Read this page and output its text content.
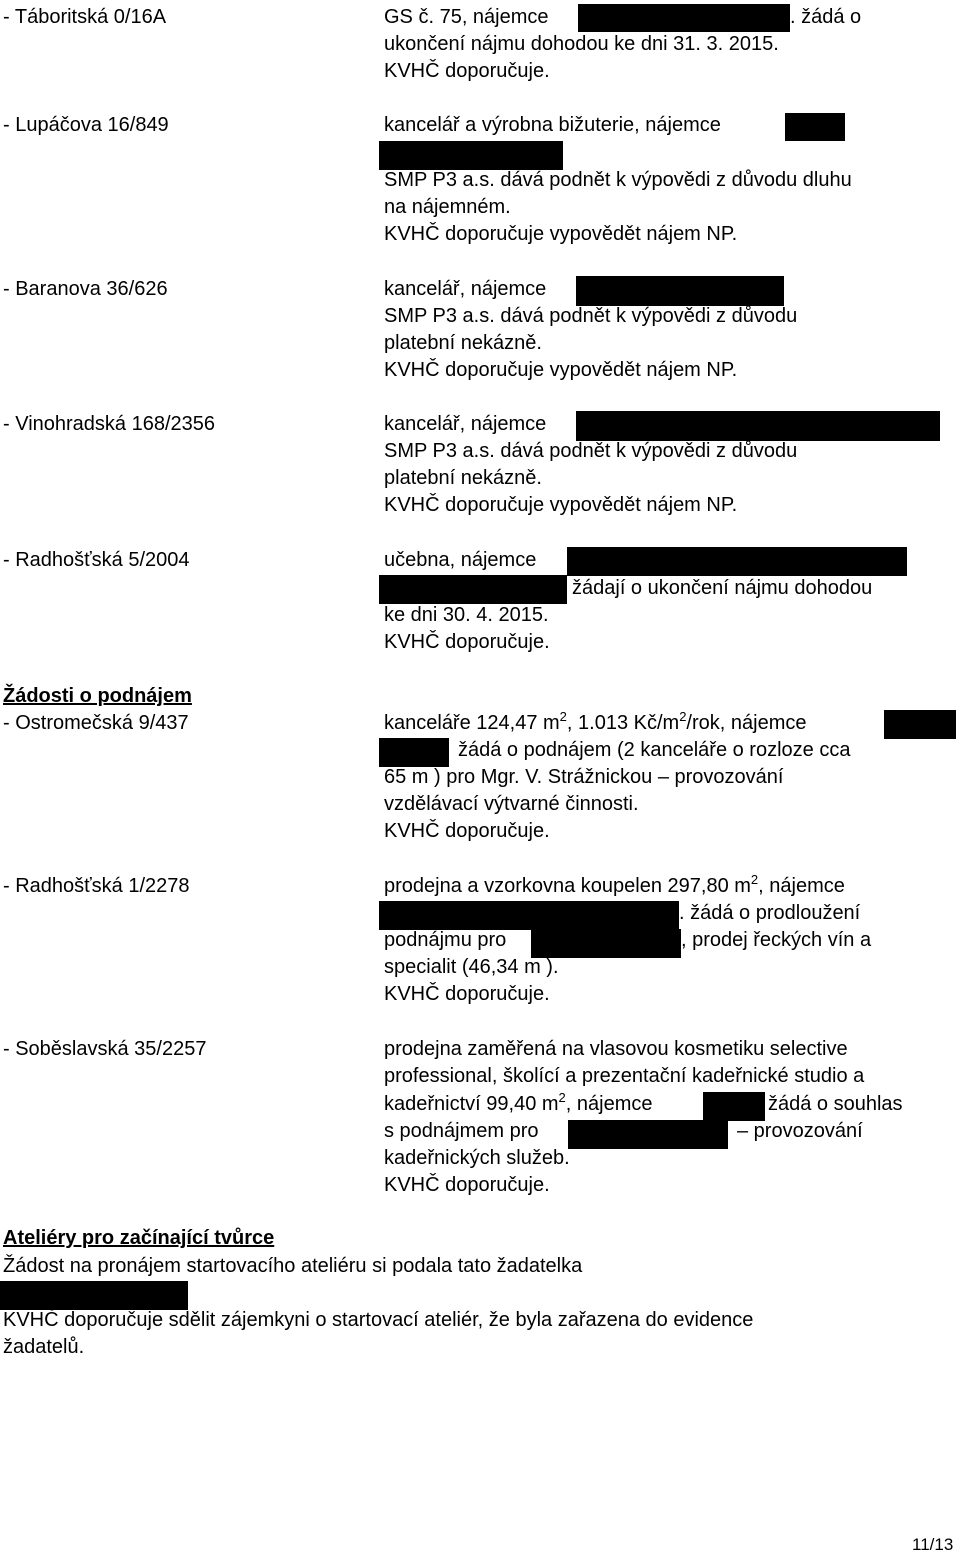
- Táboritská 0/16A	GS č. 75, nájemce	. žádá o
ukončení nájmu dohodou ke dni 31. 3. 2015.
KVHČ doporučuje.
- Lupáčova 16/849	kancelář a výrobna bižuterie, nájemce
SMP P3 a.s. dává podnět k výpovědi z důvodu dluhu
na nájemném.
KVHČ doporučuje vypovědět nájem NP.
- Baranova 36/626	kancelář, nájemce
SMP P3 a.s. dává podnět k výpovědi z důvodu
platební nekázně.
KVHČ doporučuje vypovědět nájem NP.
- Vinohradská 168/2356	kancelář, nájemce
SMP P3 a.s. dává podnět k výpovědi z důvodu
platební nekázně.
KVHČ doporučuje vypovědět nájem NP.
- Radhošťská 5/2004	učebna, nájemce
žádají o ukončení nájmu dohodou
ke dni 30. 4. 2015.
KVHČ doporučuje.
Žádosti o podnájem
- Ostromečská 9/437	kanceláře 124,47 $m^2$, 1.013 $Kč/m^2$/rok, nájemce
žádá o podnájem (2 kanceláře o rozloze cca
65 m ) pro Mgr. V. Strážnickou – provozování
vzdělávací výtvarné činnosti.
KVHČ doporučuje.
- Radhošťská 1/2278	prodejna a vzorkovna koupelen 297,80 $m^2$, nájemce
. žádá o prodloužení
podnájmu pro	, prodej řeckých vín a
specialit (46,34 m ).
KVHČ doporučuje.
- Soběslavská 35/2257	prodejna zaměřená na vlasovou kosmetiku selective
professional, školící a prezentační kadeřnické studio a
kadeřnictví 99,40 $m^2$, nájemce	žádá o souhlas
s podnájmem pro	– provozování
kadeřnických služeb.
KVHČ doporučuje.
Ateliéry pro začínající tvůrce
Žádost na pronájem startovacího ateliéru si podala tato žadatelka
KVHČ doporučuje sdělit zájemkyni o startovací ateliér, že byla zařazena do evidence
žadatelů.
11/13
